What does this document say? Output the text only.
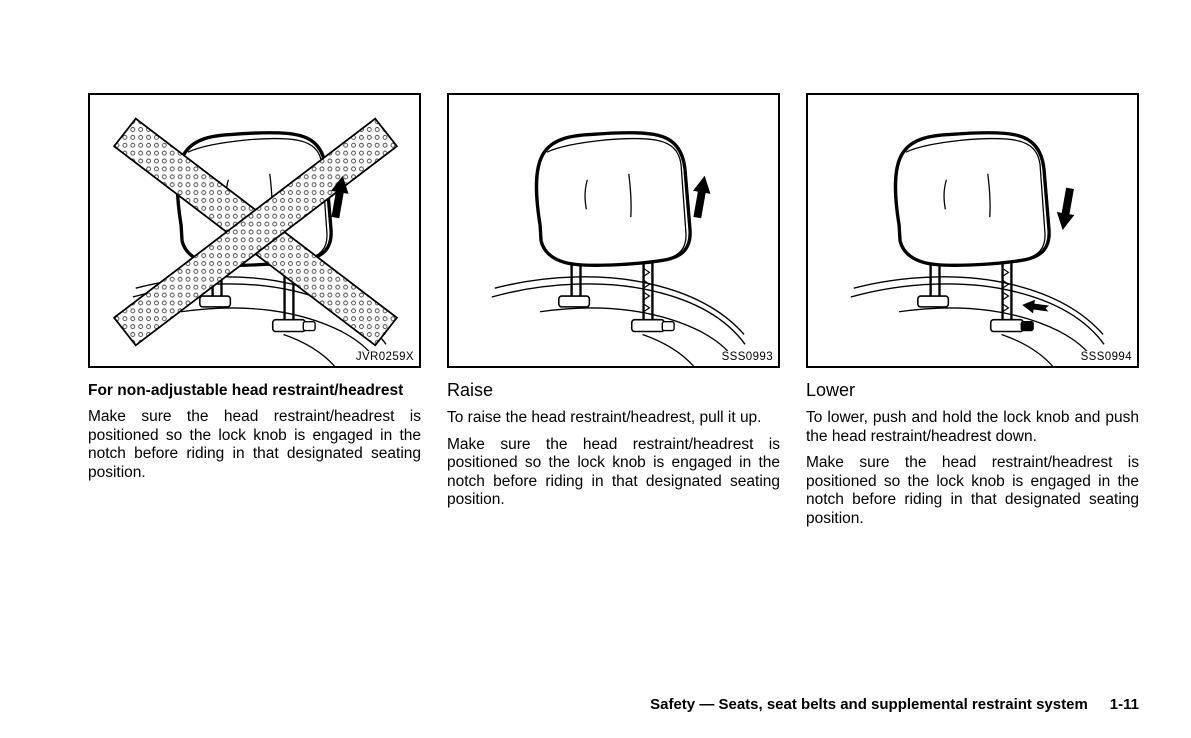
JVR0259X
For non-adjustable head restraint/headrest

Make sure the head restraint/headrest is positioned so the lock knob is engaged in the notch before riding in that designated seating position.

SSS0993
Raise

To raise the head restraint/headrest, pull it up.

Make sure the head restraint/headrest is positioned so the lock knob is engaged in the notch before riding in that designated seating position.

SSS0994
Lower

To lower, push and hold the lock knob and push the head restraint/headrest down.

Make sure the head restraint/headrest is positioned so the lock knob is engaged in the notch before riding in that designated seating position.

Safety — Seats, seat belts and supplemental restraint system 1-11
